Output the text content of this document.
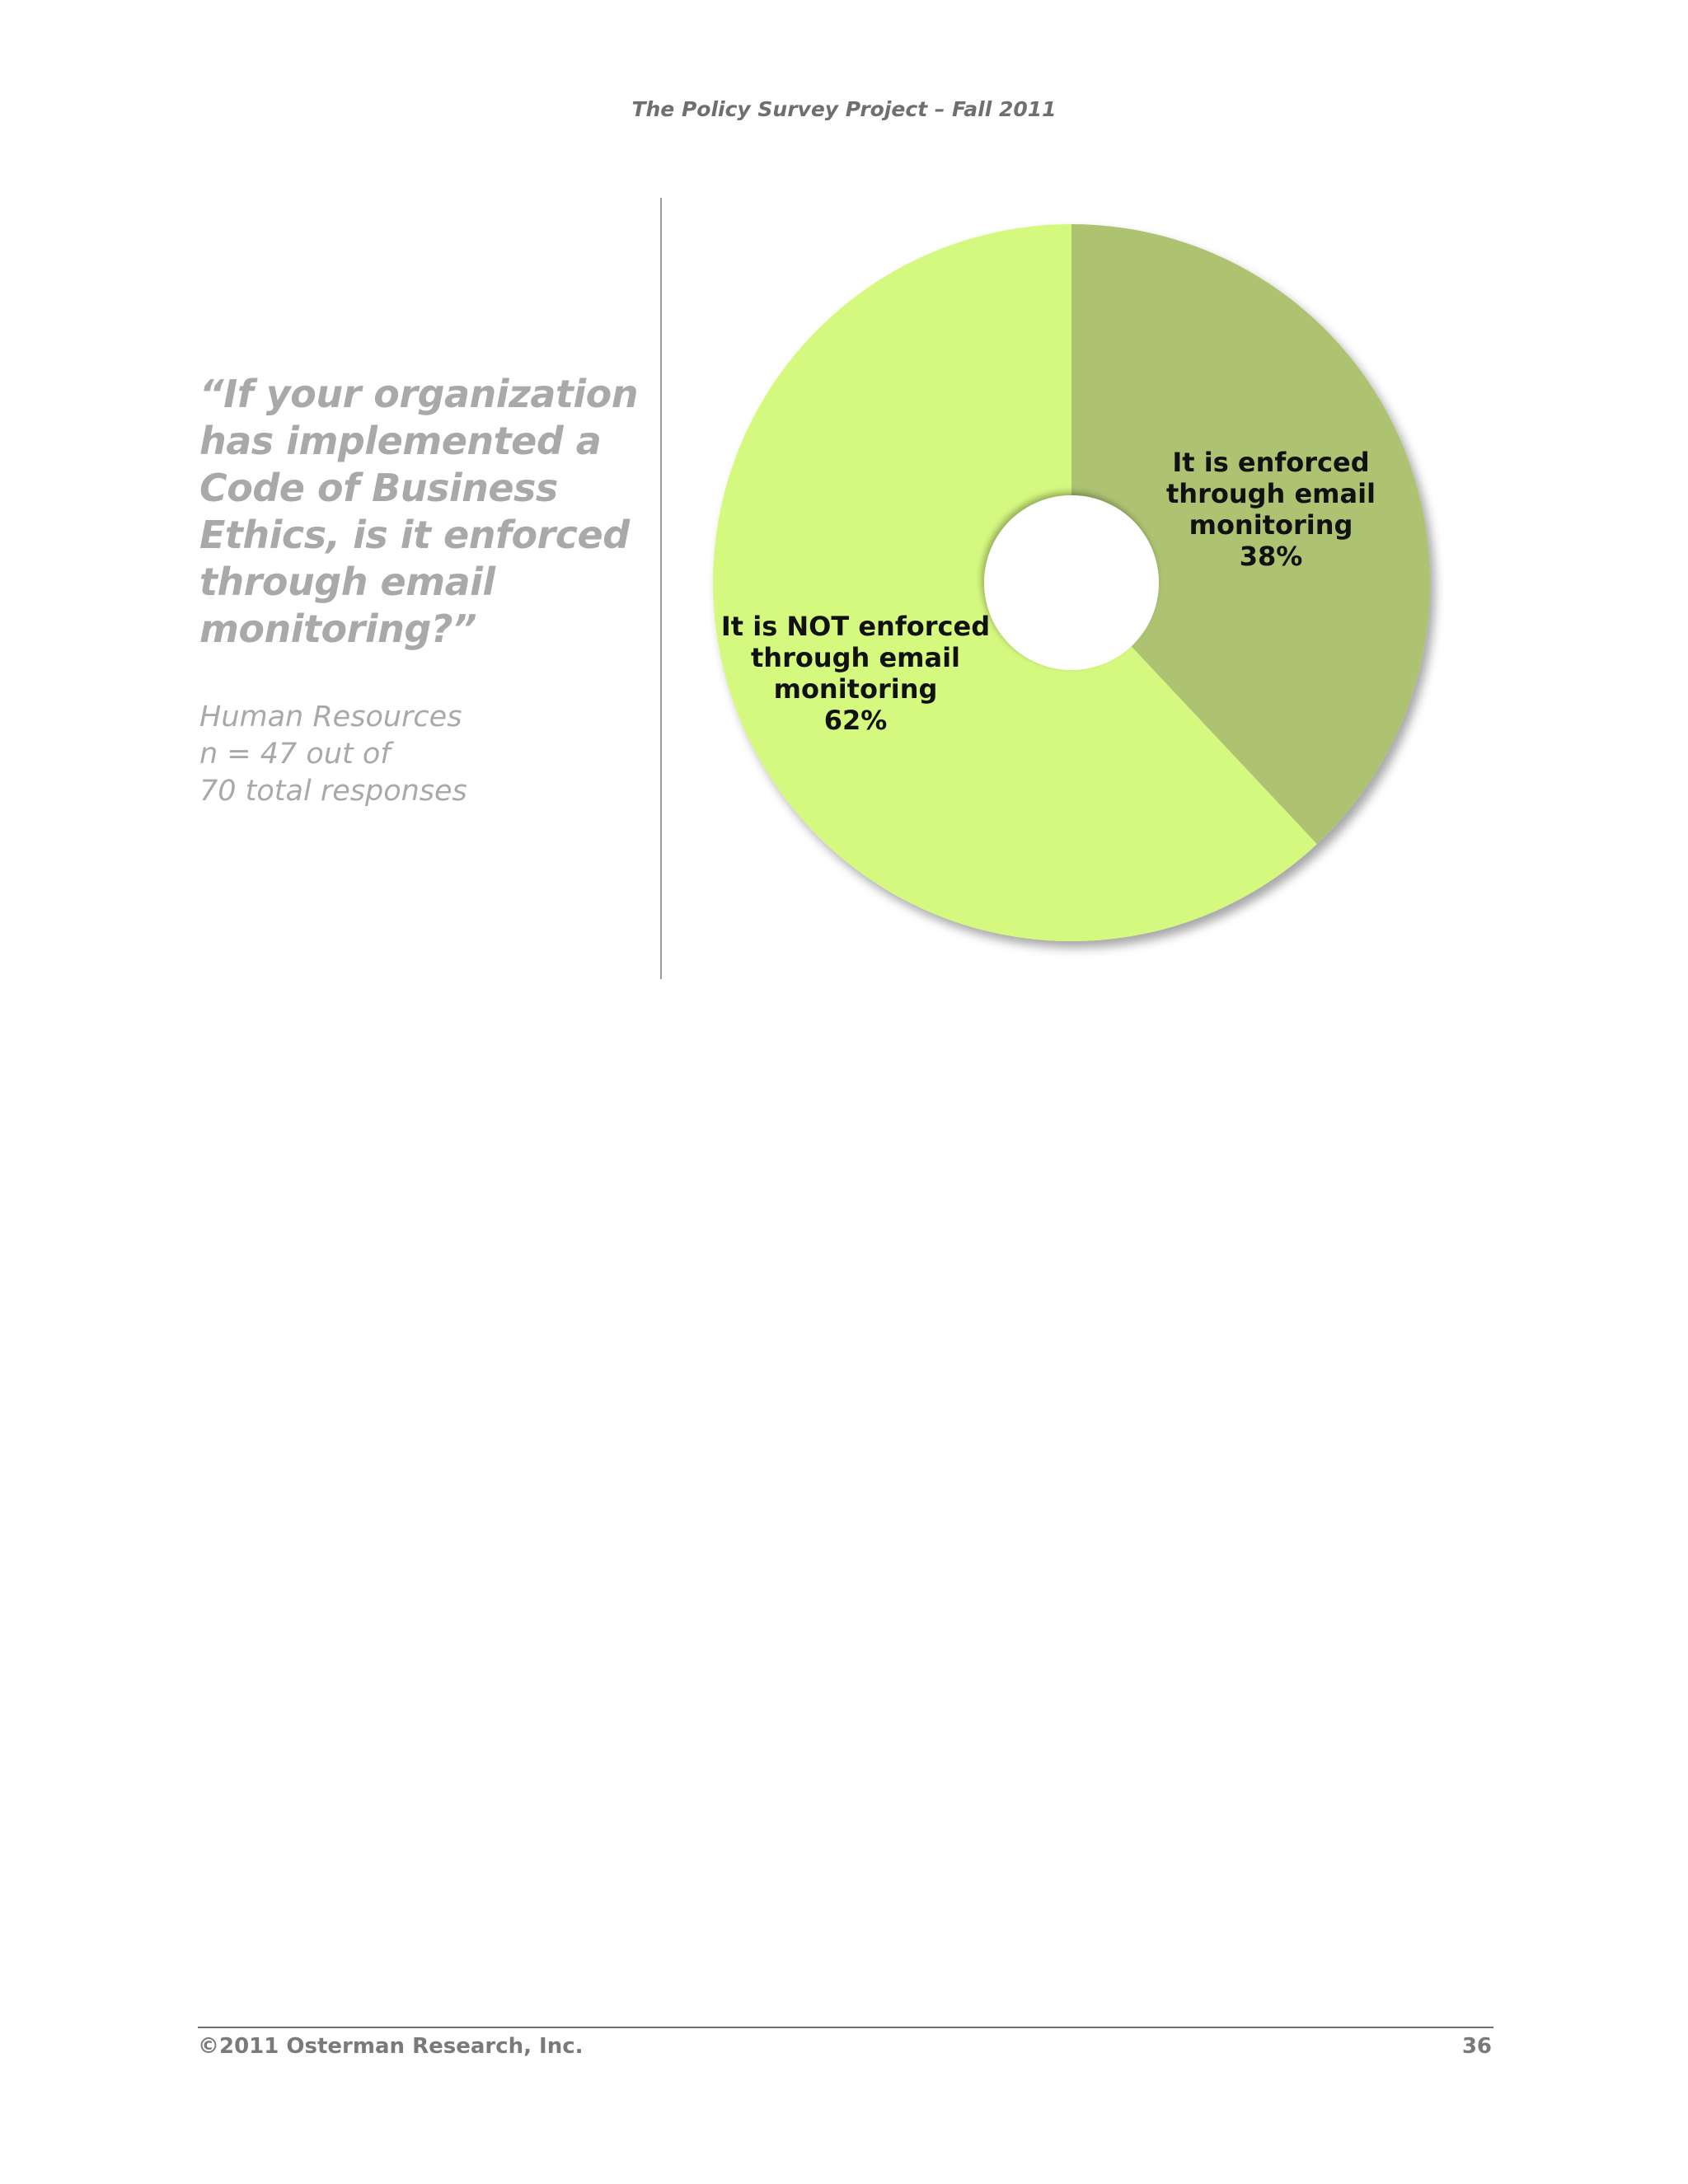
The Policy Survey Project – Fall 2011
“If your organization
has implemented a
Code of Business
Ethics, is it enforced
through email
monitoring?”
Human Resources
n = 47 out of
70 total responses
It is enforced through email monitoring 38%
It is NOT enforced through email monitoring 62%
©2011 Osterman Research, Inc.	36
